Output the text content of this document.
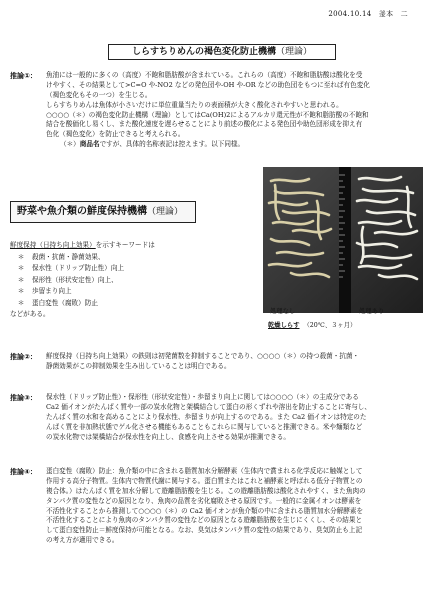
2004.10.14　釜本　二
しらすちりめんの褐色変化防止機構（理論）
推論①： 魚油には一般的に多くの（高度）不飽和脂肪酸が含まれている。これらの（高度）不飽和脂肪酸は酸化を受
けやすく、その結果として>C=O や-NO2 などの発色団や-OH や-OR などの助色団をもつに至れば有色変化
（褐色変化もその一つ）を生じる。
しらすちりめんは魚体が小さいだけに単位重量当たりの表面積が大きく酸化されやすいと思われる。
○○○○（＊）の褐色変化防止機構（理論）としてはCa(OH)2によるアルカリ還元性が不飽和脂肪酸の不飽和
結合を酸価化し易くし、また酸化速度を遅らせることにより前述の酸化による発色団や助色団形成を抑え有
色化（褐色変化）を防止できると考えられる。
（＊）商品名ですが、具体的名称表記は控えます。以下同様。
野菜や魚介類の鮮度保持機構（理論）
鮮度保持（日持ち向上効果）を示すキーワードは
＊	殺菌・抗菌・静菌効果、
＊	保水性（ドリップ防止性）向上
＊	保形性（形状安定性）向上、
＊	歩留まり向上
＊	蛋白変性（腐敗）防止
などがある。	処理なし	処理あり
乾燥しらす （20℃、３ヶ月）
推論②： 鮮度保持（日持ち向上効果）の鉄則は初発菌数を抑制することであり、○○○○（＊）の持つ殺菌・抗菌・
静菌効果がこの抑制効果を生み出していることは明白である。
推論③： 保水性（ドリップ防止性）・保形性（形状安定性）・歩留まり向上に関しては○○○○（＊）の主成分である
Ca2 価イオンがたんぱく質や一部の炭水化物と架橋結合して蛋白の形くずれや溶出を防止することに寄与し、
たんぱく質の水和を高めることにより保水性、歩留まりが向上するのである。また Ca2 価イオンは特定のた
んぱく質を非加熱状態でゲル化させる機能もあることもこれらに関与していると推測できる。米や麺類など
の炭水化物では架橋結合が保水性を向上し、食感を向上させる効果が推測できる。
推論④： 蛋白変性（腐敗）防止：魚介類の中に含まれる脂質加水分解酵素（生体内で賞まれる化学反応に触媒として
作用する高分子物質。生体内で物質代謝に関与する。蛋白質またはこれと補酵素と呼ばれる低分子物質との
複合体。）はたんぱく質を加水分解して遊離脂肪酸を生じる。この遊離脂肪酸は酸化されやすく、また魚肉の
タンパク質の変性などの原因となり、魚肉の品質を劣化腐敗させる原因です。一般的に金属イオンは酵素を
不活性化することから推測して○○○○（＊）の Ca2 価イオンが魚介類の中に含まれる脂質加水分解酵素を
不活性化することにより魚肉のタンパク質の変性などの原因となる遊離脂肪酸を生じにくくし、その結果と
して蛋白変性防止＝鮮度保持が可能となる。なお、臭気はタンパク質の変性の結果であり、臭気防止も上記
の考え方が適用できる。
